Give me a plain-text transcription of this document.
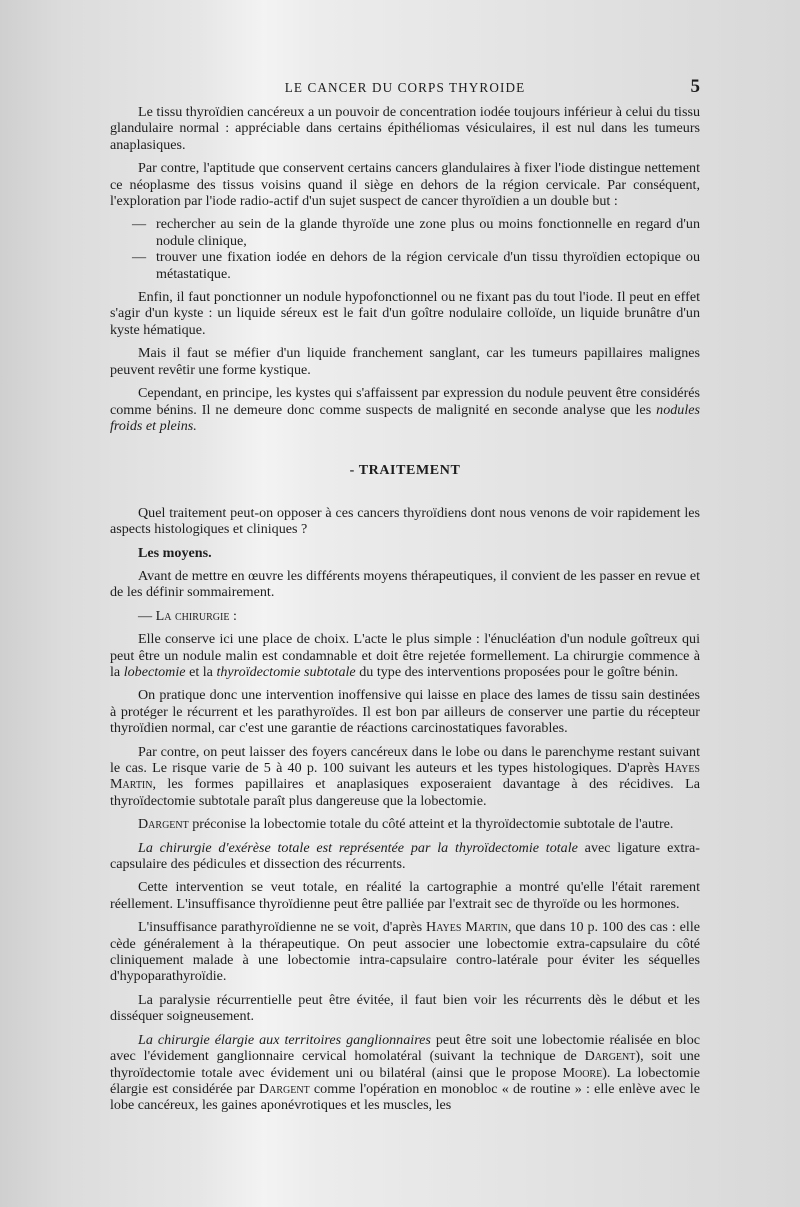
LE CANCER DU CORPS THYROIDE	5

Le tissu thyroïdien cancéreux a un pouvoir de concentration iodée toujours inférieur à celui du tissu glandulaire normal : appréciable dans certains épithéliomas vésiculaires, il est nul dans les tumeurs anaplasiques.

Par contre, l'aptitude que conservent certains cancers glandulaires à fixer l'iode distingue nettement ce néoplasme des tissus voisins quand il siège en dehors de la région cervicale. Par conséquent, l'exploration par l'iode radio-actif d'un sujet suspect de cancer thyroïdien a un double but :

— rechercher au sein de la glande thyroïde une zone plus ou moins fonctionnelle en regard d'un nodule clinique,
— trouver une fixation iodée en dehors de la région cervicale d'un tissu thyroïdien ectopique ou métastatique.

Enfin, il faut ponctionner un nodule hypofonctionnel ou ne fixant pas du tout l'iode. Il peut en effet s'agir d'un kyste : un liquide séreux est le fait d'un goître nodulaire colloïde, un liquide brunâtre d'un kyste hématique.

Mais il faut se méfier d'un liquide franchement sanglant, car les tumeurs papillaires malignes peuvent revêtir une forme kystique.

Cependant, en principe, les kystes qui s'affaissent par expression du nodule peuvent être considérés comme bénins. Il ne demeure donc comme suspects de malignité en seconde analyse que les nodules froids et pleins.

- TRAITEMENT

Quel traitement peut-on opposer à ces cancers thyroïdiens dont nous venons de voir rapidement les aspects histologiques et cliniques ?

Les moyens.

Avant de mettre en œuvre les différents moyens thérapeutiques, il convient de les passer en revue et de les définir sommairement.

— La chirurgie :

Elle conserve ici une place de choix. L'acte le plus simple : l'énucléation d'un nodule goîtreux qui peut être un nodule malin est condamnable et doit être rejetée formellement. La chirurgie commence à la lobectomie et la thyroïdectomie subtotale du type des interventions proposées pour le goître bénin.

On pratique donc une intervention inoffensive qui laisse en place des lames de tissu sain destinées à protéger le récurrent et les parathyroïdes. Il est bon par ailleurs de conserver une partie du récepteur thyroïdien normal, car c'est une garantie de réactions carcinostatiques favorables.

Par contre, on peut laisser des foyers cancéreux dans le lobe ou dans le parenchyme restant suivant le cas. Le risque varie de 5 à 40 p. 100 suivant les auteurs et les types histologiques. D'après Hayes Martin, les formes papillaires et anaplasiques exposeraient davantage à des récidives. La thyroïdectomie subtotale paraît plus dangereuse que la lobectomie.

Dargent préconise la lobectomie totale du côté atteint et la thyroïdectomie subtotale de l'autre.

La chirurgie d'exérèse totale est représentée par la thyroïdectomie totale avec ligature extra-capsulaire des pédicules et dissection des récurrents.

Cette intervention se veut totale, en réalité la cartographie a montré qu'elle l'était rarement réellement. L'insuffisance thyroïdienne peut être palliée par l'extrait sec de thyroïde ou les hormones.

L'insuffisance parathyroïdienne ne se voit, d'après Hayes Martin, que dans 10 p. 100 des cas : elle cède généralement à la thérapeutique. On peut associer une lobectomie extra-capsulaire du côté cliniquement malade à une lobectomie intra-capsulaire contro-latérale pour éviter les séquelles d'hypoparathyroïdie.

La paralysie récurrentielle peut être évitée, il faut bien voir les récurrents dès le début et les disséquer soigneusement.

La chirurgie élargie aux territoires ganglionnaires peut être soit une lobectomie réalisée en bloc avec l'évidement ganglionnaire cervical homolatéral (suivant la technique de Dargent), soit une thyroïdectomie totale avec évidement uni ou bilatéral (ainsi que le propose Moore). La lobectomie élargie est considérée par Dargent comme l'opération en monobloc « de routine » : elle enlève avec le lobe cancéreux, les gaines aponévrotiques et les muscles, les
